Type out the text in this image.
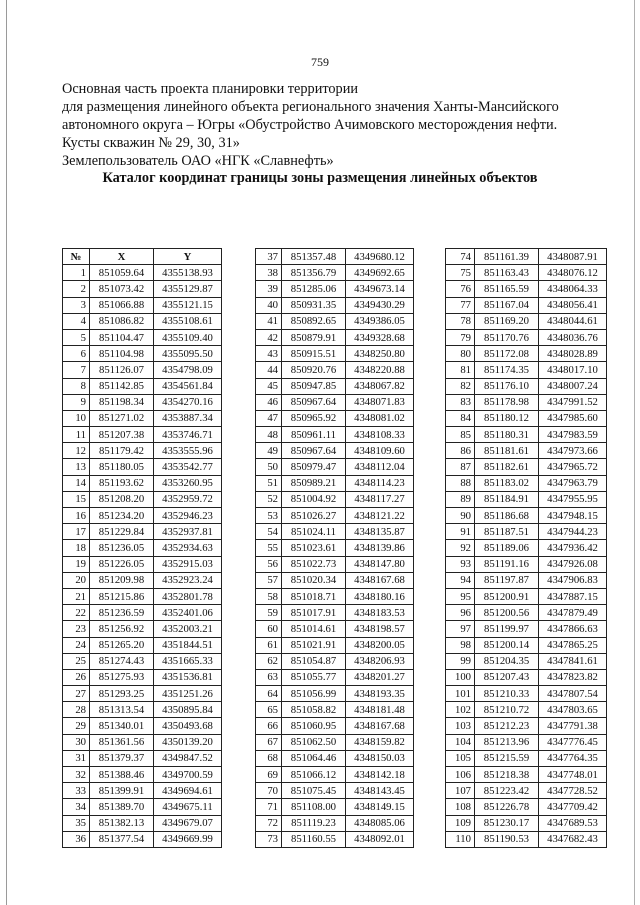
759
Основная часть проекта планировки территории
для размещения линейного объекта регионального значения Ханты-Мансийского
автономного округа – Югры «Обустройство Ачимовского месторождения нефти.
Кусты скважин № 29, 30, 31»
Землепользователь ОАО «НГК «Славнефть»
Каталог координат границы зоны размещения линейных объектов
№	X	Y
1	851059.64	4355138.93
2	851073.42	4355129.87
3	851066.88	4355121.15
4	851086.82	4355108.61
5	851104.47	4355109.40
6	851104.98	4355095.50
7	851126.07	4354798.09
8	851142.85	4354561.84
9	851198.34	4354270.16
10	851271.02	4353887.34
11	851207.38	4353746.71
12	851179.42	4353555.96
13	851180.05	4353542.77
14	851193.62	4353260.95
15	851208.20	4352959.72
16	851234.20	4352946.23
17	851229.84	4352937.81
18	851236.05	4352934.63
19	851226.05	4352915.03
20	851209.98	4352923.24
21	851215.86	4352801.78
22	851236.59	4352401.06
23	851256.92	4352003.21
24	851265.20	4351844.51
25	851274.43	4351665.33
26	851275.93	4351536.81
27	851293.25	4351251.26
28	851313.54	4350895.84
29	851340.01	4350493.68
30	851361.56	4350139.20
31	851379.37	4349847.52
32	851388.46	4349700.59
33	851399.91	4349694.61
34	851389.70	4349675.11
35	851382.13	4349679.07
36	851377.54	4349669.99
37	851357.48	4349680.12
38	851356.79	4349692.65
39	851285.06	4349673.14
40	850931.35	4349430.29
41	850892.65	4349386.05
42	850879.91	4349328.68
43	850915.51	4348250.80
44	850920.76	4348220.88
45	850947.85	4348067.82
46	850967.64	4348071.83
47	850965.92	4348081.02
48	850961.11	4348108.33
49	850967.64	4348109.60
50	850979.47	4348112.04
51	850989.21	4348114.23
52	851004.92	4348117.27
53	851026.27	4348121.22
54	851024.11	4348135.87
55	851023.61	4348139.86
56	851022.73	4348147.80
57	851020.34	4348167.68
58	851018.71	4348180.16
59	851017.91	4348183.53
60	851014.61	4348198.57
61	851021.91	4348200.05
62	851054.87	4348206.93
63	851055.77	4348201.27
64	851056.99	4348193.35
65	851058.82	4348181.48
66	851060.95	4348167.68
67	851062.50	4348159.82
68	851064.46	4348150.03
69	851066.12	4348142.18
70	851075.45	4348143.45
71	851108.00	4348149.15
72	851119.23	4348085.06
73	851160.55	4348092.01
74	851161.39	4348087.91
75	851163.43	4348076.12
76	851165.59	4348064.33
77	851167.04	4348056.41
78	851169.20	4348044.61
79	851170.76	4348036.76
80	851172.08	4348028.89
81	851174.35	4348017.10
82	851176.10	4348007.24
83	851178.98	4347991.52
84	851180.12	4347985.60
85	851180.31	4347983.59
86	851181.61	4347973.66
87	851182.61	4347965.72
88	851183.02	4347963.79
89	851184.91	4347955.95
90	851186.68	4347948.15
91	851187.51	4347944.23
92	851189.06	4347936.42
93	851191.16	4347926.08
94	851197.87	4347906.83
95	851200.91	4347887.15
96	851200.56	4347879.49
97	851199.97	4347866.63
98	851200.14	4347865.25
99	851204.35	4347841.61
100	851207.43	4347823.82
101	851210.33	4347807.54
102	851210.72	4347803.65
103	851212.23	4347791.38
104	851213.96	4347776.45
105	851215.59	4347764.35
106	851218.38	4347748.01
107	851223.42	4347728.52
108	851226.78	4347709.42
109	851230.17	4347689.53
110	851190.53	4347682.43
